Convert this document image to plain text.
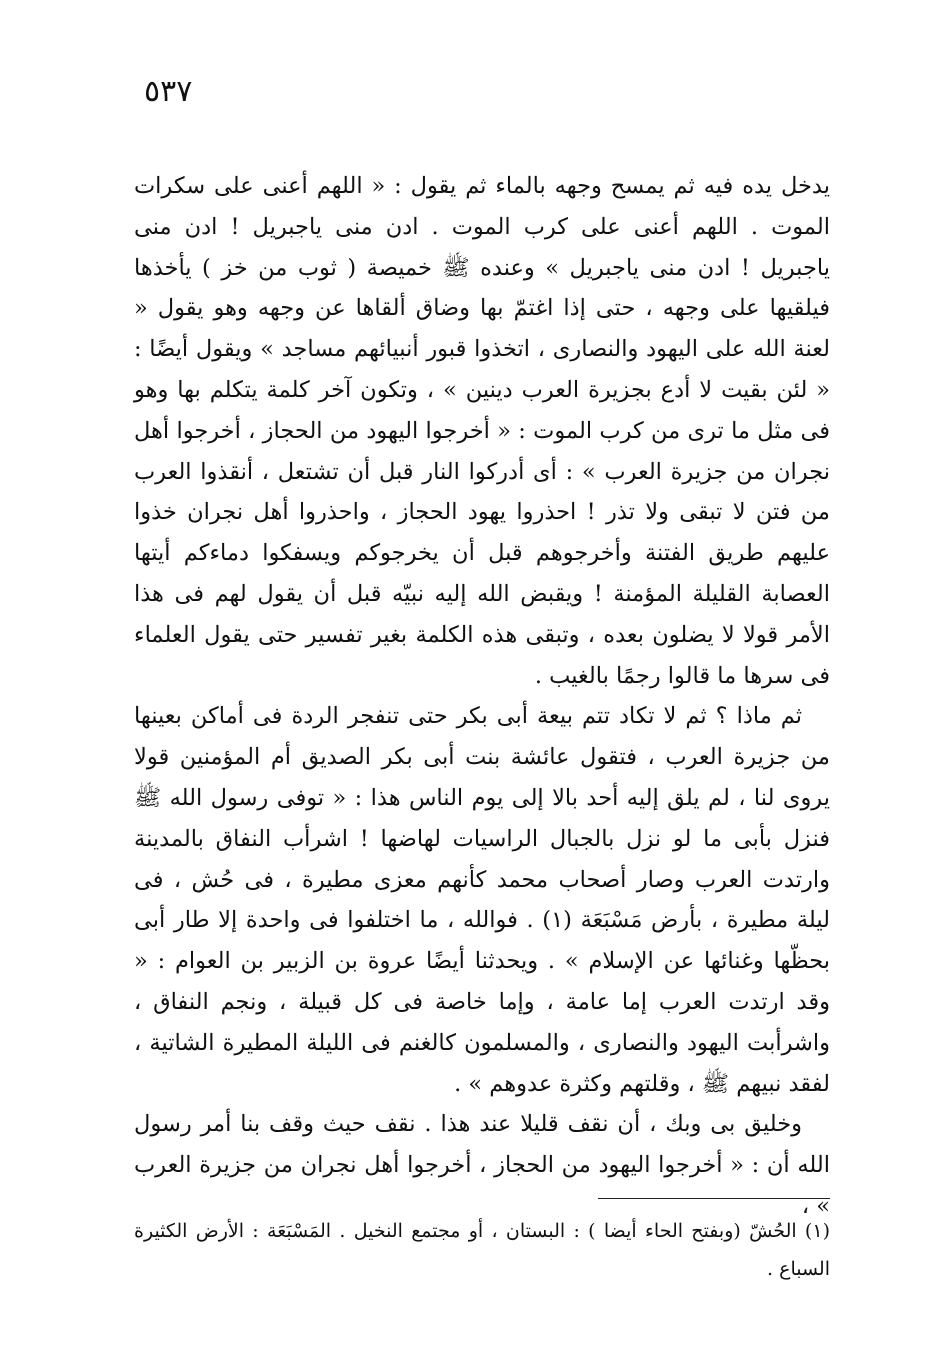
٥٣٧

يدخل يده فيه ثم يمسح وجهه بالماء ثم يقول : « اللهم أعنى على سكرات الموت . اللهم أعنى على كرب الموت . ادن منى ياجبريل ! ادن منى ياجبريل ! ادن منى ياجبريل » وعنده ﷺ خميصة ( ثوب من خز ) يأخذها فيلقيها على وجهه ، حتى إذا اغتمّ بها وضاق ألقاها عن وجهه وهو يقول « لعنة الله على اليهود والنصارى ، اتخذوا قبور أنبيائهم مساجد » ويقول أيضًا : « لئن بقيت لا أدع بجزيرة العرب دينين » ، وتكون آخر كلمة يتكلم بها وهو فى مثل ما ترى من كرب الموت : « أخرجوا اليهود من الحجاز ، أخرجوا أهل نجران من جزيرة العرب » : أى أدركوا النار قبل أن تشتعل ، أنقذوا العرب من فتن لا تبقى ولا تذر ! احذروا يهود الحجاز ، واحذروا أهل نجران خذوا عليهم طريق الفتنة وأخرجوهم قبل أن يخرجوكم ويسفكوا دماءكم أيتها العصابة القليلة المؤمنة ! ويقبض الله إليه نبيّه قبل أن يقول لهم فى هذا الأمر قولا لا يضلون بعده ، وتبقى هذه الكلمة بغير تفسير حتى يقول العلماء فى سرها ما قالوا رجمًا بالغيب .

ثم ماذا ؟ ثم لا تكاد تتم بيعة أبى بكر حتى تنفجر الردة فى أماكن بعينها من جزيرة العرب ، فتقول عائشة بنت أبى بكر الصديق أم المؤمنين قولا يروى لنا ، لم يلق إليه أحد بالا إلى يوم الناس هذا : « توفى رسول الله ﷺ فنزل بأبى ما لو نزل بالجبال الراسيات لهاضها ! اشرأب النفاق بالمدينة وارتدت العرب وصار أصحاب محمد كأنهم معزى مطيرة ، فى حُش ، فى ليلة مطيرة ، بأرض مَسْبَعَة (١) . فوالله ، ما اختلفوا فى واحدة إلا طار أبى بحظّها وغنائها عن الإسلام » . ويحدثنا أيضًا عروة بن الزبير بن العوام : « وقد ارتدت العرب إما عامة ، وإما خاصة فى كل قبيلة ، ونجم النفاق ، واشرأبت اليهود والنصارى ، والمسلمون كالغنم فى الليلة المطيرة الشاتية ، لفقد نبيهم ﷺ ، وقلتهم وكثرة عدوهم » .

وخليق بى وبك ، أن نقف قليلا عند هذا . نقف حيث وقف بنا أمر رسول الله أن : « أخرجوا اليهود من الحجاز ، أخرجوا أهل نجران من جزيرة العرب » ،

(١) الحُشّ (وبفتح الحاء أيضا ) : البستان ، أو مجتمع النخيل . المَسْبَعَة : الأرض الكثيرة السباع .
